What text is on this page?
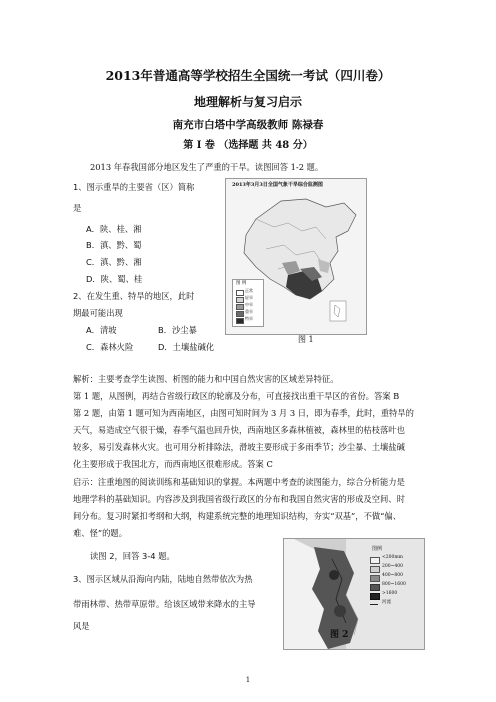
2013年普通高等学校招生全国统一考试（四川卷）
地理解析与复习启示
南充市白塔中学高级教师 陈禄春
第 I 卷 （选择题 共 48 分）
2013 年春我国部分地区发生了严重的干旱。读图回答 1-2 题。
1、图示重旱的主要省（区）简称
是
A．陕、桂、湘
B．滇、黔、蜀
C．滇、黔、湘
D．陕、蜀、桂
2、在发生重、特旱的地区，此时
期最可能出现
A．清坡	B．沙尘暴
C．森林火险	D．土壤盐碱化
2013年3月3日全国气象干旱综合监测图
图 例
正常
轻旱
中旱
重旱
特旱
图 1
解析：主要考查学生读图、析图的能力和中国自然灾害的区域差异特征。
第 1 题，从图例，再结合省级行政区的轮廓及分布，可直接找出重干旱区的省份。答案 B
第 2 题，由第 1 题可知为西南地区，由图可知时间为 3 月 3 日，即为春季，此时，重特旱的
天气，易造成空气很干燥，春季气温也回升快，西南地区多森林植被，森林里的枯枝落叶也
较多，易引发森林火灾。也可用分析排除法，滑坡主要形成于多雨季节；沙尘暴、土壤盐碱
化主要形成于我国北方，而西南地区很难形成。答案 C
启示：注重地图的阅读训练和基础知识的掌握。本两题中考查的读图能力，综合分析能力是
地理学科的基础知识。内容涉及到我国省级行政区的分布和我国自然灾害的形成及空间、时
间分布。复习时紧扣考纲和大纲，构建系统完整的地理知识结构，夯实“双基”，不做“偏、
难、怪”的题。
读图 2，回答 3-4 题。
3、图示区域从沿海向内陆，陆地自然带依次为热
带雨林带、热带草原带。给该区域带来降水的主导
风是
图例
<200mm
200~400
400~800
800~1600
>1600
河流
图 2
1
